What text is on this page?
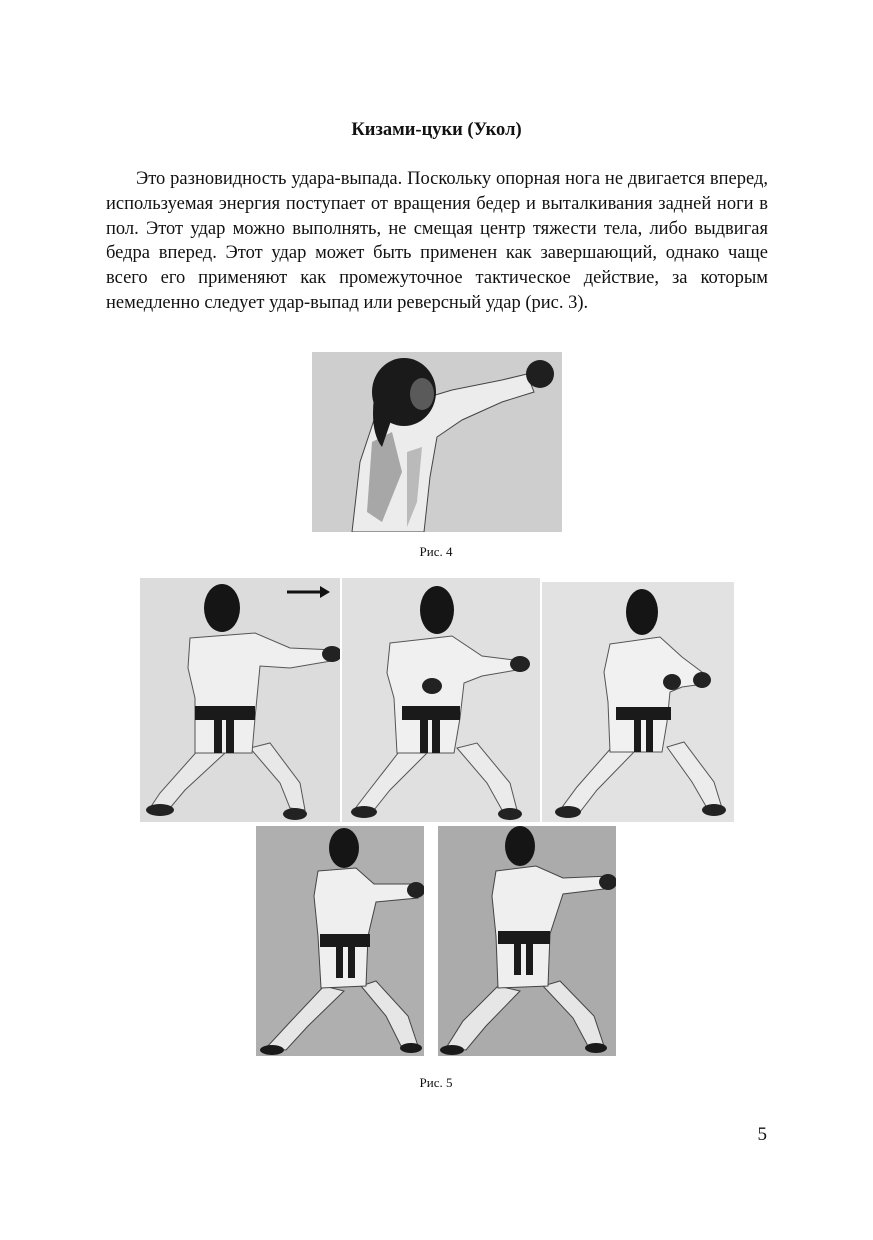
Кизами-цуки (Укол)

Это разновидность удара-выпада. Поскольку опорная нога не двигается вперед, используемая энергия поступает от вращения бедер и выталкивания задней ноги в пол. Этот удар можно выполнять, не смещая центр тяжести тела, либо выдвигая бедра вперед. Этот удар может быть применен как завершающий, однако чаще всего его применяют как промежуточное тактическое действие, за которым немедленно следует удар-выпад или реверсный удар (рис. 3).

Рис. 4
Рис. 5
5
